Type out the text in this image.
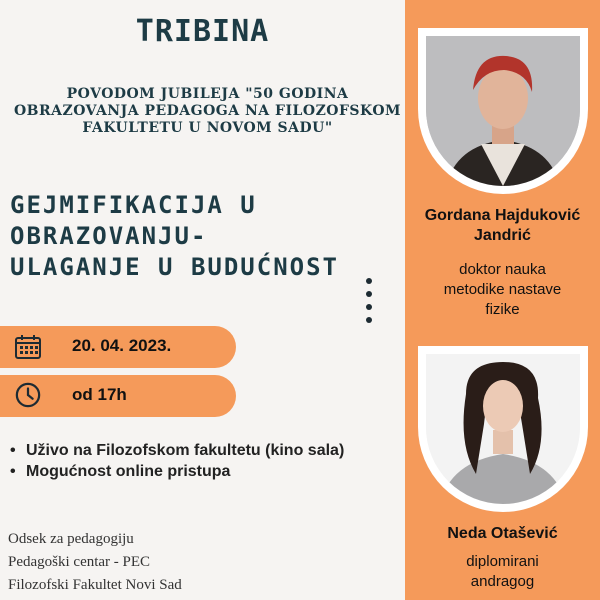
TRIBINA
POVODOM JUBILEJA "50 GODINA
OBRAZOVANJA PEDAGOGA NA FILOZOFSKOM
FAKULTETU U NOVOM SADU"
GEJMIFIKACIJA U
OBRAZOVANJU-
ULAGANJE U BUDUĆNOST
20. 04. 2023.
od 17h
• Uživo na Filozofskom fakultetu (kino sala)
• Mogućnost online pristupa
Odsek za pedagogiju
Pedagoški centar - PEC
Filozofski Fakultet Novi Sad
Gordana Hajduković
Jandrić
doktor nauka
metodike nastave
fizike
Neda Otašević
diplomirani
andragog
